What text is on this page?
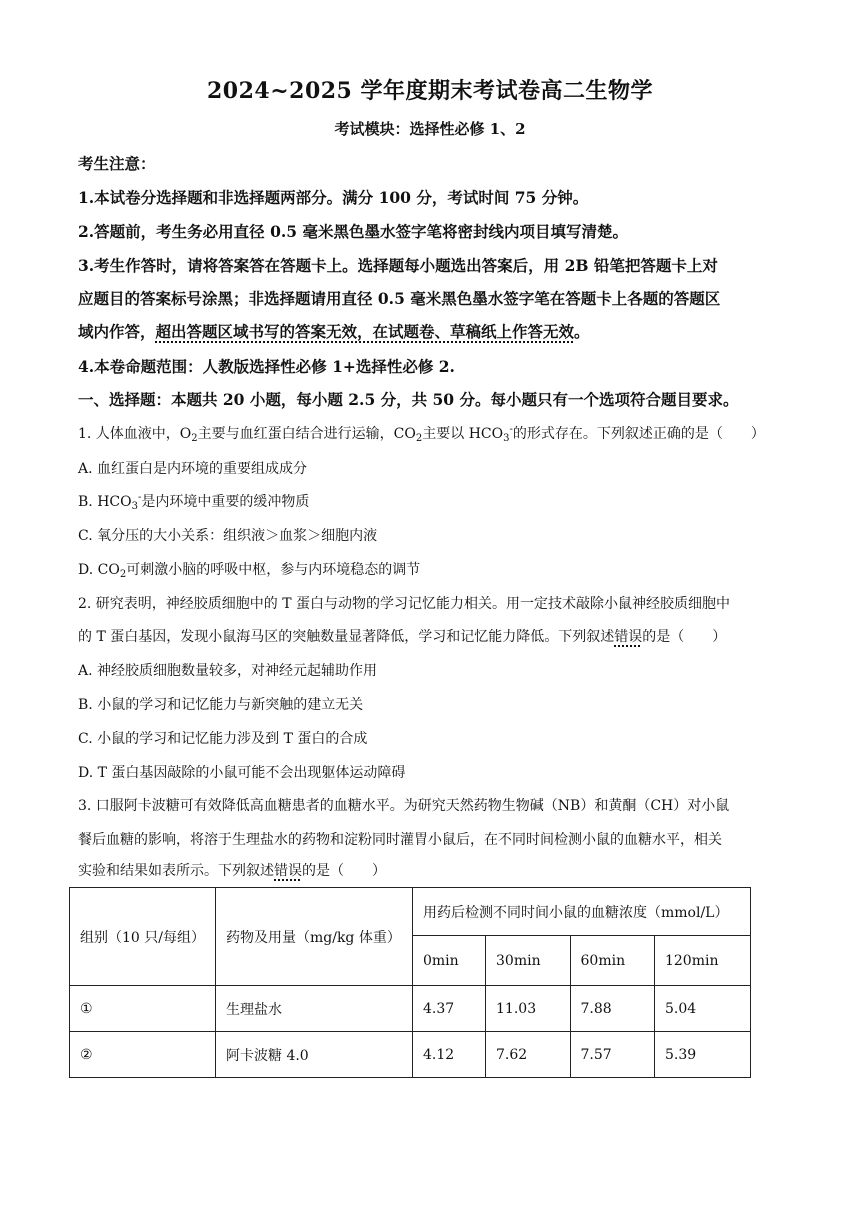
2024~2025 学年度期末考试卷高二生物学
考试模块：选择性必修 1、2
考生注意：
1.本试卷分选择题和非选择题两部分。满分 100 分，考试时间 75 分钟。
2.答题前，考生务必用直径 0.5 毫米黑色墨水签字笔将密封线内项目填写清楚。
3.考生作答时，请将答案答在答题卡上。选择题每小题选出答案后，用 2B 铅笔把答题卡上对
应题目的答案标号涂黑；非选择题请用直径 0.5 毫米黑色墨水签字笔在答题卡上各题的答题区
域内作答，超出答题区域书写的答案无效，在试题卷、草稿纸上作答无效。
4.本卷命题范围：人教版选择性必修 1+选择性必修 2.
一、选择题：本题共 20 小题，每小题 2.5 分，共 50 分。每小题只有一个选项符合题目要求。
1. 人体血液中，$O_2$主要与血红蛋白结合进行运输，$CO_2$主要以 $HCO_3^-$的形式存在。下列叙述正确的是（　　）
A. 血红蛋白是内环境的重要组成成分
B. $HCO_3^-$是内环境中重要的缓冲物质
C. 氧分压的大小关系：组织液＞血浆＞细胞内液
D. $CO_2$可刺激小脑的呼吸中枢，参与内环境稳态的调节
2. 研究表明，神经胶质细胞中的 T 蛋白与动物的学习记忆能力相关。用一定技术敲除小鼠神经胶质细胞中
的 T 蛋白基因，发现小鼠海马区的突触数量显著降低，学习和记忆能力降低。下列叙述错误的是（　　）
A. 神经胶质细胞数量较多，对神经元起辅助作用
B. 小鼠的学习和记忆能力与新突触的建立无关
C. 小鼠的学习和记忆能力涉及到 T 蛋白的合成
D. T 蛋白基因敲除的小鼠可能不会出现躯体运动障碍
3. 口服阿卡波糖可有效降低高血糖患者的血糖水平。为研究天然药物生物碱（NB）和黄酮（CH）对小鼠
餐后血糖的影响，将溶于生理盐水的药物和淀粉同时灌胃小鼠后，在不同时间检测小鼠的血糖水平，相关
实验和结果如表所示。下列叙述错误的是（　　）
组别（10 只/每组）	药物及用量（mg/kg 体重）	用药后检测不同时间小鼠的血糖浓度（mmol/L）			
		0min	30min	60min	120min
①	生理盐水	4.37	11.03	7.88	5.04
②	阿卡波糖 4.0	4.12	7.62	7.57	5.39
